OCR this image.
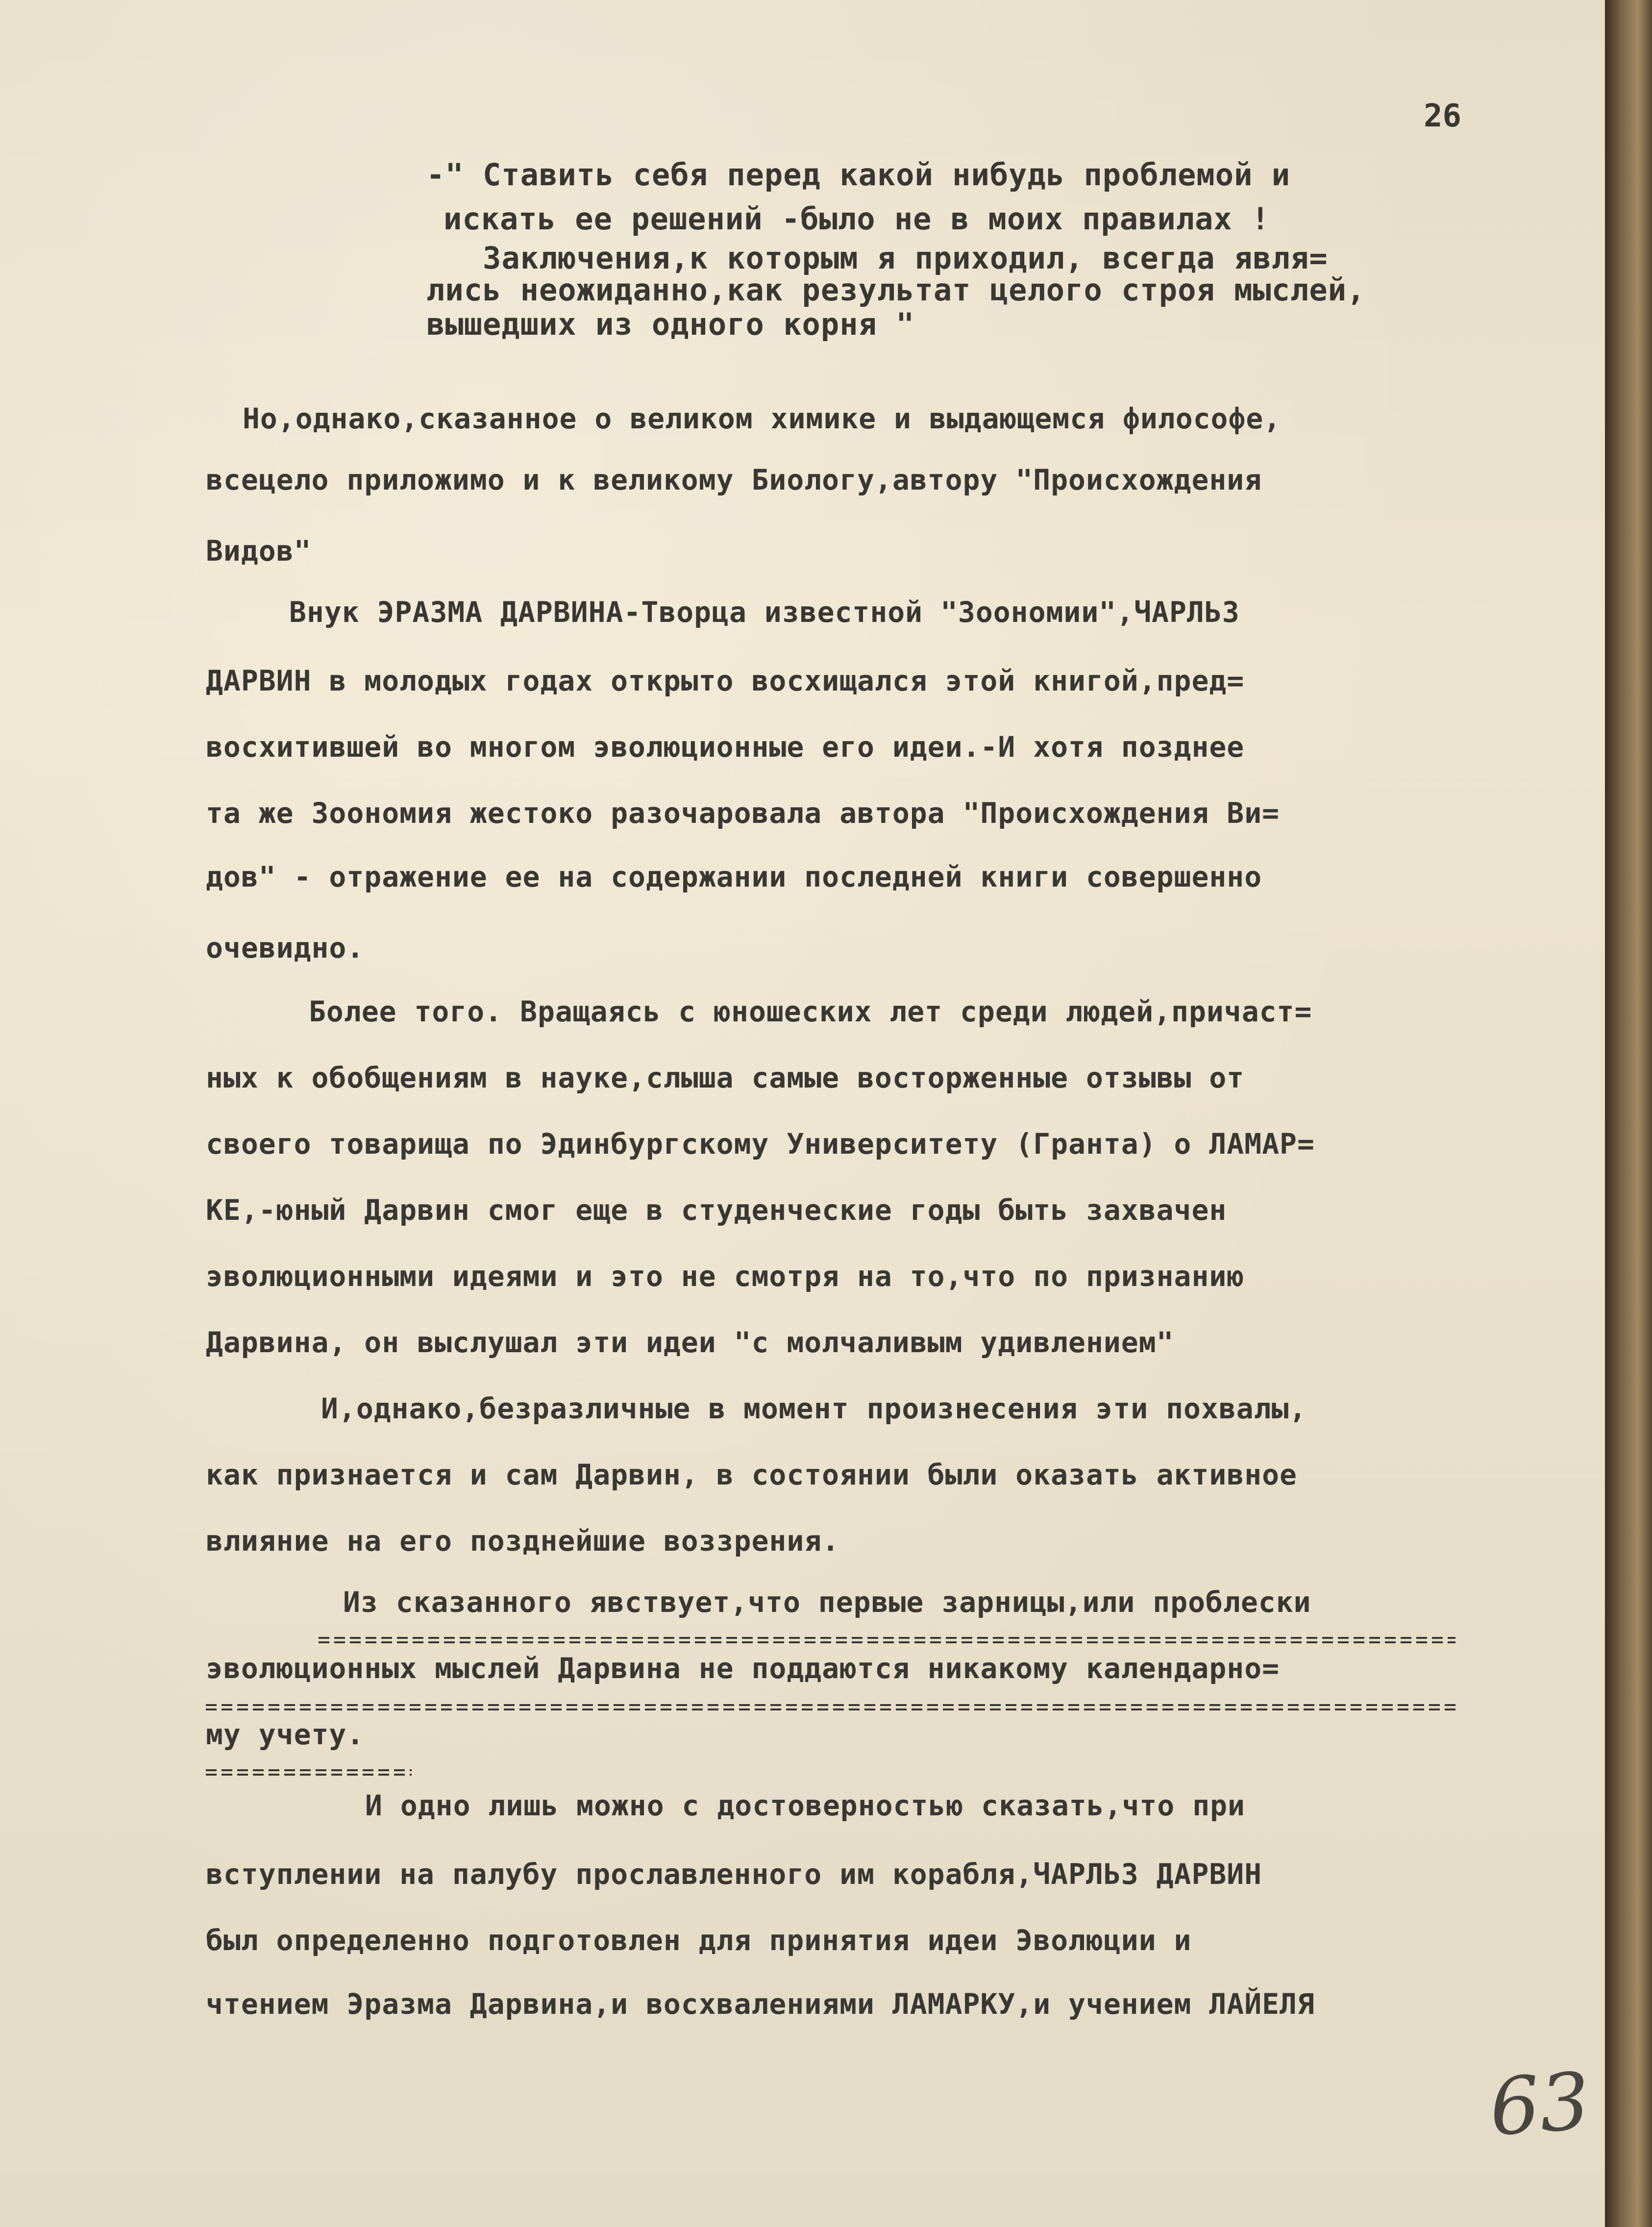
26
-" Ставить себя перед какой нибудь проблемой и
искать ее решений -было не в моих правилах !
Заключения,к которым я приходил, всегда явля=
лись неожиданно,как результат целого строя мыслей,
вышедших из одного корня "
Но,однако,сказанное о великом химике и выдающемся философе,
всецело приложимо и к великому Биологу,автору "Происхождения
Видов"
Внук ЭРАЗМА ДАРВИНА-Творца известной "Зоономии",ЧАРЛЬЗ
ДАРВИН в молодых годах открыто восхищался этой книгой,пред=
восхитившей во многом эволюционные его идеи.-И хотя позднее
та же Зоономия жестоко разочаровала автора "Происхождения Ви=
дов" - отражение ее на содержании последней книги совершенно
очевидно.
Более того. Вращаясь с юношеских лет среди людей,причаст=
ных к обобщениям в науке,слыша самые восторженные отзывы от
своего товарища по Эдинбургскому Университету (Гранта) о ЛАМАР=
КЕ,-юный Дарвин смог еще в студенческие годы быть захвачен
эволюционными идеями и это не смотря на то,что по признанию
Дарвина, он выслушал эти идеи "с молчаливым удивлением"
И,однако,безразличные в момент произнесения эти похвалы,
как признается и сам Дарвин, в состоянии были оказать активное
влияние на его позднейшие воззрения.
Из сказанного явствует,что первые зарницы,или проблески
эволюционных мыслей Дарвина не поддаются никакому календарно=
му учету.
И одно лишь можно с достоверностью сказать,что при
вступлении на палубу прославленного им корабля,ЧАРЛЬЗ ДАРВИН
был определенно подготовлен для принятия идеи Эволюции и
чтением Эразма Дарвина,и восхвалениями ЛАМАРКУ,и учением ЛАЙЕЛЯ
63
